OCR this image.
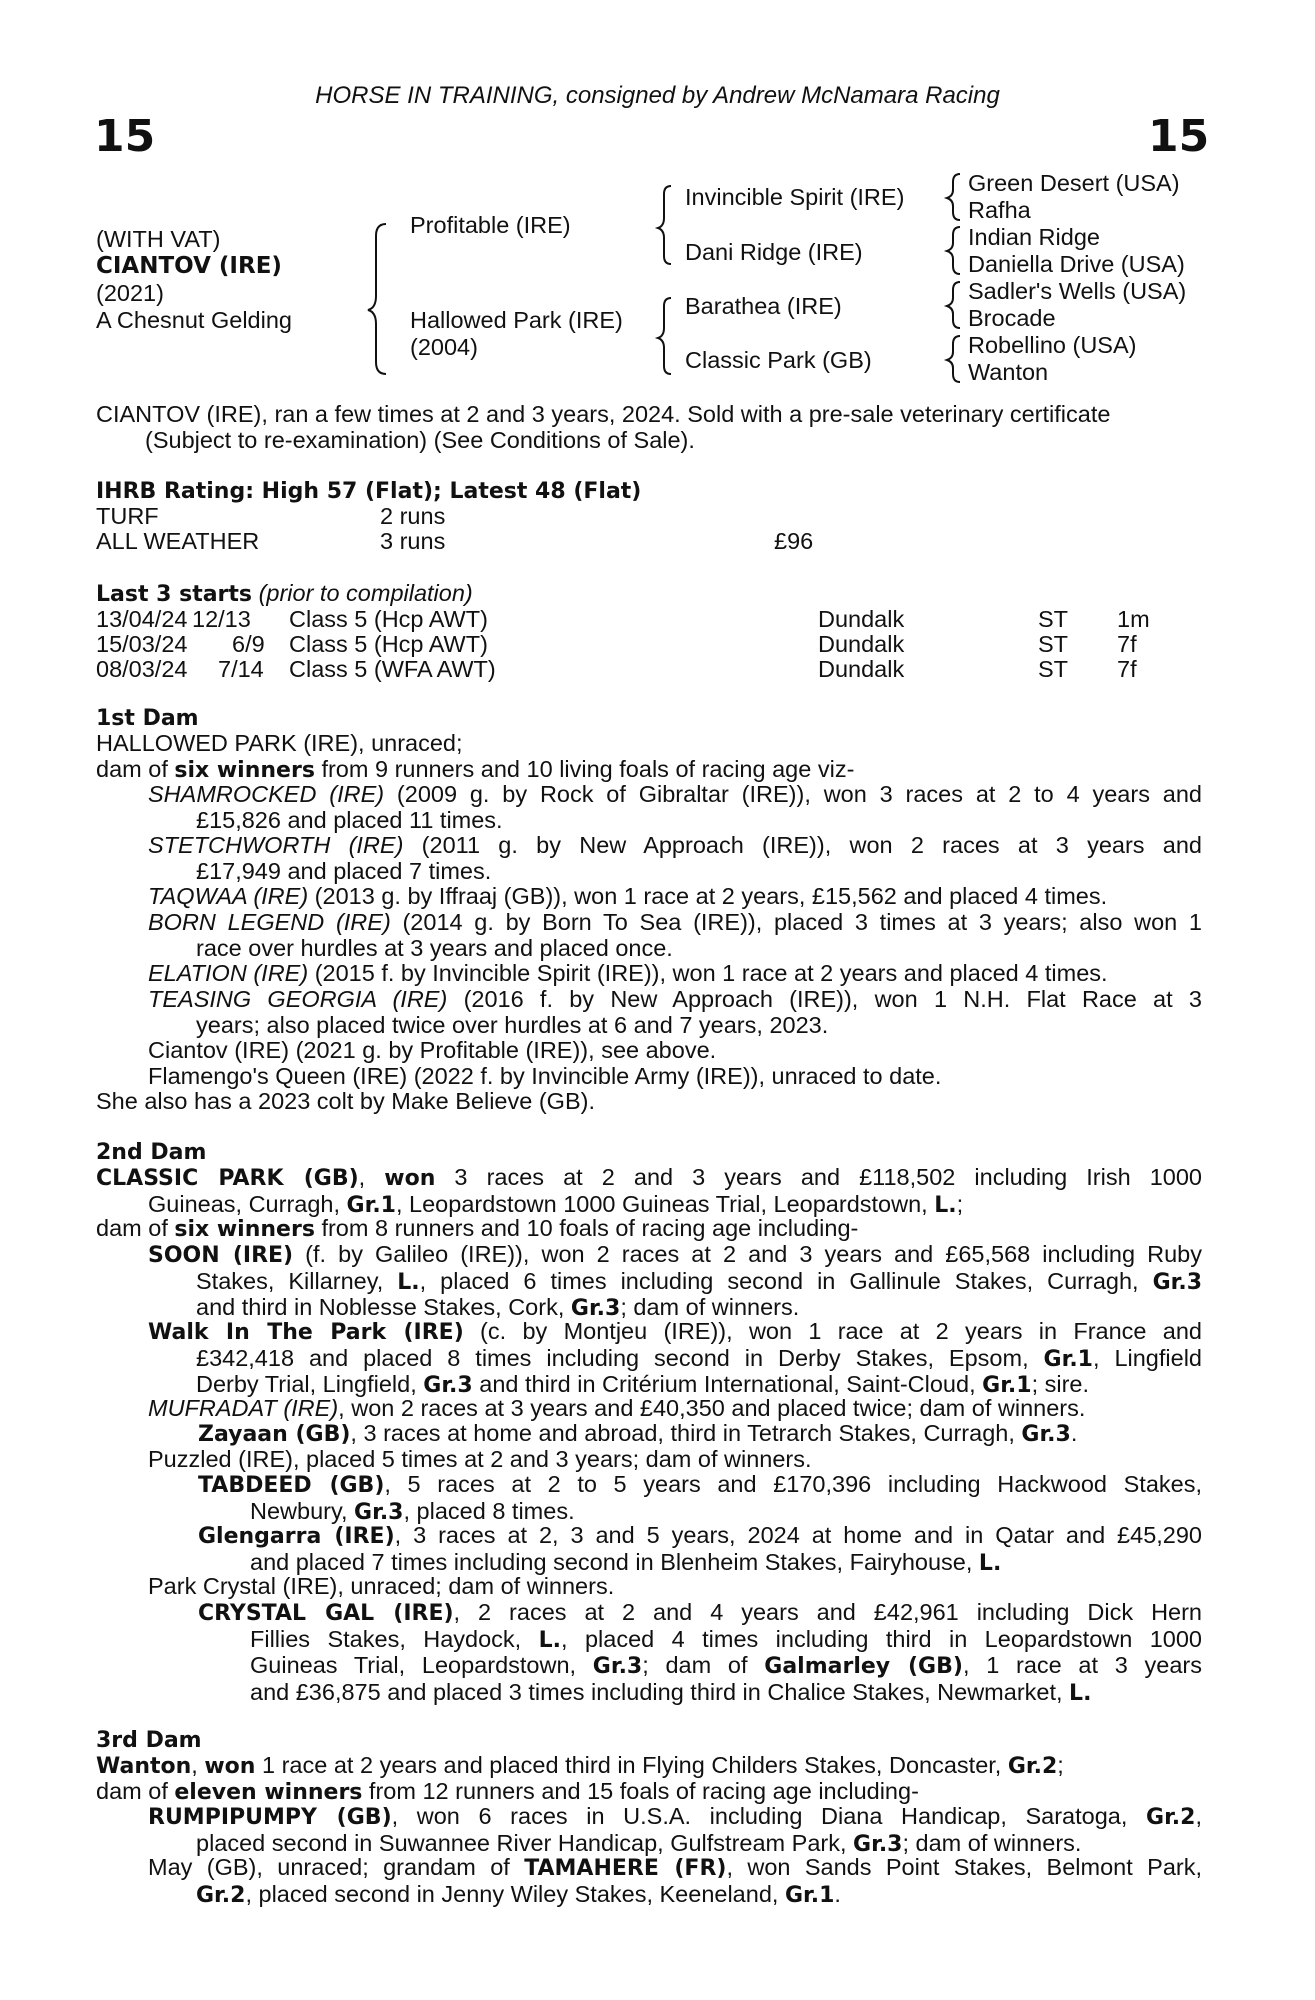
HORSE IN TRAINING, consigned by Andrew McNamara Racing
15	15
(WITH VAT)
CIANTOV (IRE)
(2021)
A Chesnut Gelding
Profitable (IRE)
Hallowed Park (IRE)
(2004)
Invincible Spirit (IRE)
Dani Ridge (IRE)
Barathea (IRE)
Classic Park (GB)
Green Desert (USA)
Rafha
Indian Ridge
Daniella Drive (USA)
Sadler's Wells (USA)
Brocade
Robellino (USA)
Wanton
CIANTOV (IRE), ran a few times at 2 and 3 years, 2024. Sold with a pre-sale veterinary certificate
(Subject to re-examination) (See Conditions of Sale).
IHRB Rating: High 57 (Flat); Latest 48 (Flat)
TURF	2 runs
ALL WEATHER	3 runs	£96
Last 3 starts (prior to compilation)
13/04/24 12/13 Class 5 (Hcp AWT)	Dundalk	ST 1m
15/03/24 6/9 Class 5 (Hcp AWT)	Dundalk	ST 7f
08/03/24 7/14 Class 5 (WFA AWT)	Dundalk	ST 7f
1st Dam
HALLOWED PARK (IRE), unraced;
dam of six winners from 9 runners and 10 living foals of racing age viz-
SHAMROCKED (IRE) (2009 g. by Rock of Gibraltar (IRE)), won 3 races at 2 to 4 years and
£15,826 and placed 11 times.
STETCHWORTH (IRE) (2011 g. by New Approach (IRE)), won 2 races at 3 years and
£17,949 and placed 7 times.
TAQWAA (IRE) (2013 g. by Iffraaj (GB)), won 1 race at 2 years, £15,562 and placed 4 times.
BORN LEGEND (IRE) (2014 g. by Born To Sea (IRE)), placed 3 times at 3 years; also won 1
race over hurdles at 3 years and placed once.
ELATION (IRE) (2015 f. by Invincible Spirit (IRE)), won 1 race at 2 years and placed 4 times.
TEASING GEORGIA (IRE) (2016 f. by New Approach (IRE)), won 1 N.H. Flat Race at 3
years; also placed twice over hurdles at 6 and 7 years, 2023.
Ciantov (IRE) (2021 g. by Profitable (IRE)), see above.
Flamengo's Queen (IRE) (2022 f. by Invincible Army (IRE)), unraced to date.
She also has a 2023 colt by Make Believe (GB).
2nd Dam
CLASSIC PARK (GB), won 3 races at 2 and 3 years and £118,502 including Irish 1000
Guineas, Curragh, Gr.1, Leopardstown 1000 Guineas Trial, Leopardstown, L.;
dam of six winners from 8 runners and 10 foals of racing age including-
SOON (IRE) (f. by Galileo (IRE)), won 2 races at 2 and 3 years and £65,568 including Ruby
Stakes, Killarney, L., placed 6 times including second in Gallinule Stakes, Curragh, Gr.3
and third in Noblesse Stakes, Cork, Gr.3; dam of winners.
Walk In The Park (IRE) (c. by Montjeu (IRE)), won 1 race at 2 years in France and
£342,418 and placed 8 times including second in Derby Stakes, Epsom, Gr.1, Lingfield
Derby Trial, Lingfield, Gr.3 and third in Critérium International, Saint-Cloud, Gr.1; sire.
MUFRADAT (IRE), won 2 races at 3 years and £40,350 and placed twice; dam of winners.
Zayaan (GB), 3 races at home and abroad, third in Tetrarch Stakes, Curragh, Gr.3.
Puzzled (IRE), placed 5 times at 2 and 3 years; dam of winners.
TABDEED (GB), 5 races at 2 to 5 years and £170,396 including Hackwood Stakes,
Newbury, Gr.3, placed 8 times.
Glengarra (IRE), 3 races at 2, 3 and 5 years, 2024 at home and in Qatar and £45,290
and placed 7 times including second in Blenheim Stakes, Fairyhouse, L.
Park Crystal (IRE), unraced; dam of winners.
CRYSTAL GAL (IRE), 2 races at 2 and 4 years and £42,961 including Dick Hern
Fillies Stakes, Haydock, L., placed 4 times including third in Leopardstown 1000
Guineas Trial, Leopardstown, Gr.3; dam of Galmarley (GB), 1 race at 3 years
and £36,875 and placed 3 times including third in Chalice Stakes, Newmarket, L.
3rd Dam
Wanton, won 1 race at 2 years and placed third in Flying Childers Stakes, Doncaster, Gr.2;
dam of eleven winners from 12 runners and 15 foals of racing age including-
RUMPIPUMPY (GB), won 6 races in U.S.A. including Diana Handicap, Saratoga, Gr.2,
placed second in Suwannee River Handicap, Gulfstream Park, Gr.3; dam of winners.
May (GB), unraced; grandam of TAMAHERE (FR), won Sands Point Stakes, Belmont Park,
Gr.2, placed second in Jenny Wiley Stakes, Keeneland, Gr.1.
